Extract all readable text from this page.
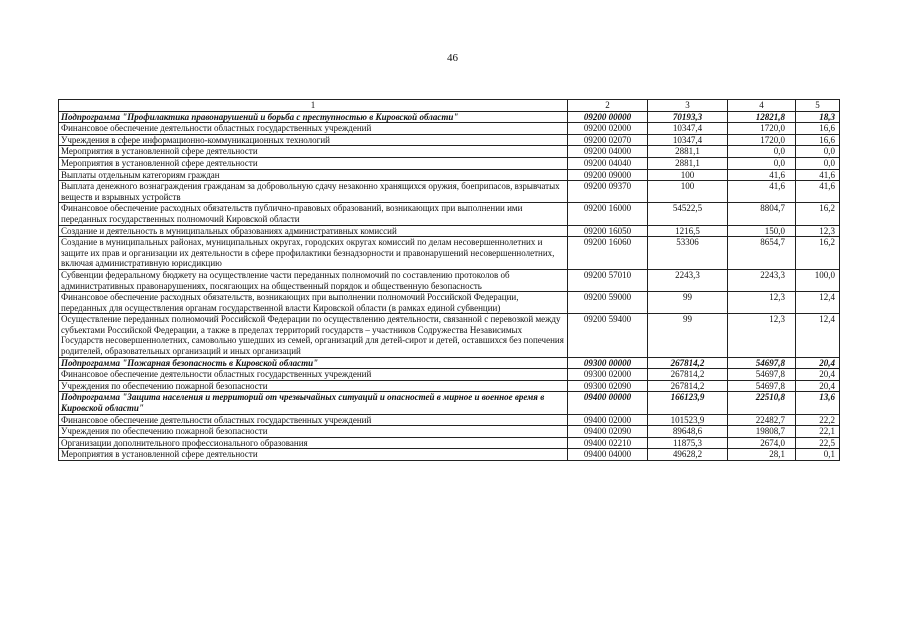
46
1	2	3	4	5
Подпрограмма "Профилактика правонарушений и борьба с преступностью в Кировской области"	09200 00000	70193,3	12821,8	18,3
Финансовое обеспечение деятельности областных государственных учреждений	09200 02000	10347,4	1720,0	16,6
Учреждения в сфере информационно-коммуникационных технологий	09200 02070	10347,4	1720,0	16,6
Мероприятия в установленной сфере деятельности	09200 04000	2881,1	0,0	0,0
Мероприятия в установленной сфере деятельности	09200 04040	2881,1	0,0	0,0
Выплаты отдельным категориям граждан	09200 09000	100	41,6	41,6
Выплата денежного вознаграждения гражданам за добровольную сдачу незаконно хранящихся оружия, боеприпасов, взрывчатых веществ и взрывных устройств	09200 09370	100	41,6	41,6
Финансовое обеспечение расходных обязательств публично-правовых образований, возникающих при выполнении ими переданных государственных полномочий Кировской области	09200 16000	54522,5	8804,7	16,2
Создание и деятельность в муниципальных образованиях административных комиссий	09200 16050	1216,5	150,0	12,3
Создание в муниципальных районах, муниципальных округах, городских округах комиссий по делам несовершеннолетних и защите их прав и организации их деятельности в сфере профилактики безнадзорности и правонарушений несовершеннолетних, включая административную юрисдикцию	09200 16060	53306	8654,7	16,2
Субвенции федеральному бюджету на осуществление части переданных полномочий по составлению протоколов об административных правонарушениях, посягающих на общественный порядок и общественную безопасность	09200 57010	2243,3	2243,3	100,0
Финансовое обеспечение расходных обязательств, возникающих при выполнении полномочий Российской Федерации, переданных для осуществления органам государственной власти Кировской области (в рамках единой субвенции)	09200 59000	99	12,3	12,4
Осуществление переданных полномочий Российской Федерации по осуществлению деятельности, связанной с перевозкой между субъектами Российской Федерации, а также в пределах территорий государств – участников Содружества Независимых Государств несовершеннолетних, самовольно ушедших из семей, организаций для детей-сирот и детей, оставшихся без попечения родителей, образовательных организаций и иных организаций	09200 59400	99	12,3	12,4
Подпрограмма "Пожарная безопасность в Кировской области"	09300 00000	267814,2	54697,8	20,4
Финансовое обеспечение деятельности областных государственных учреждений	09300 02000	267814,2	54697,8	20,4
Учреждения по обеспечению пожарной безопасности	09300 02090	267814,2	54697,8	20,4
Подпрограмма "Защита населения и территорий от чрезвычайных ситуаций и опасностей в мирное и военное время в Кировской области"	09400 00000	166123,9	22510,8	13,6
Финансовое обеспечение деятельности областных государственных учреждений	09400 02000	101523,9	22482,7	22,2
Учреждения по обеспечению пожарной безопасности	09400 02090	89648,6	19808,7	22,1
Организации дополнительного профессионального образования	09400 02210	11875,3	2674,0	22,5
Мероприятия в установленной сфере деятельности	09400 04000	49628,2	28,1	0,1
